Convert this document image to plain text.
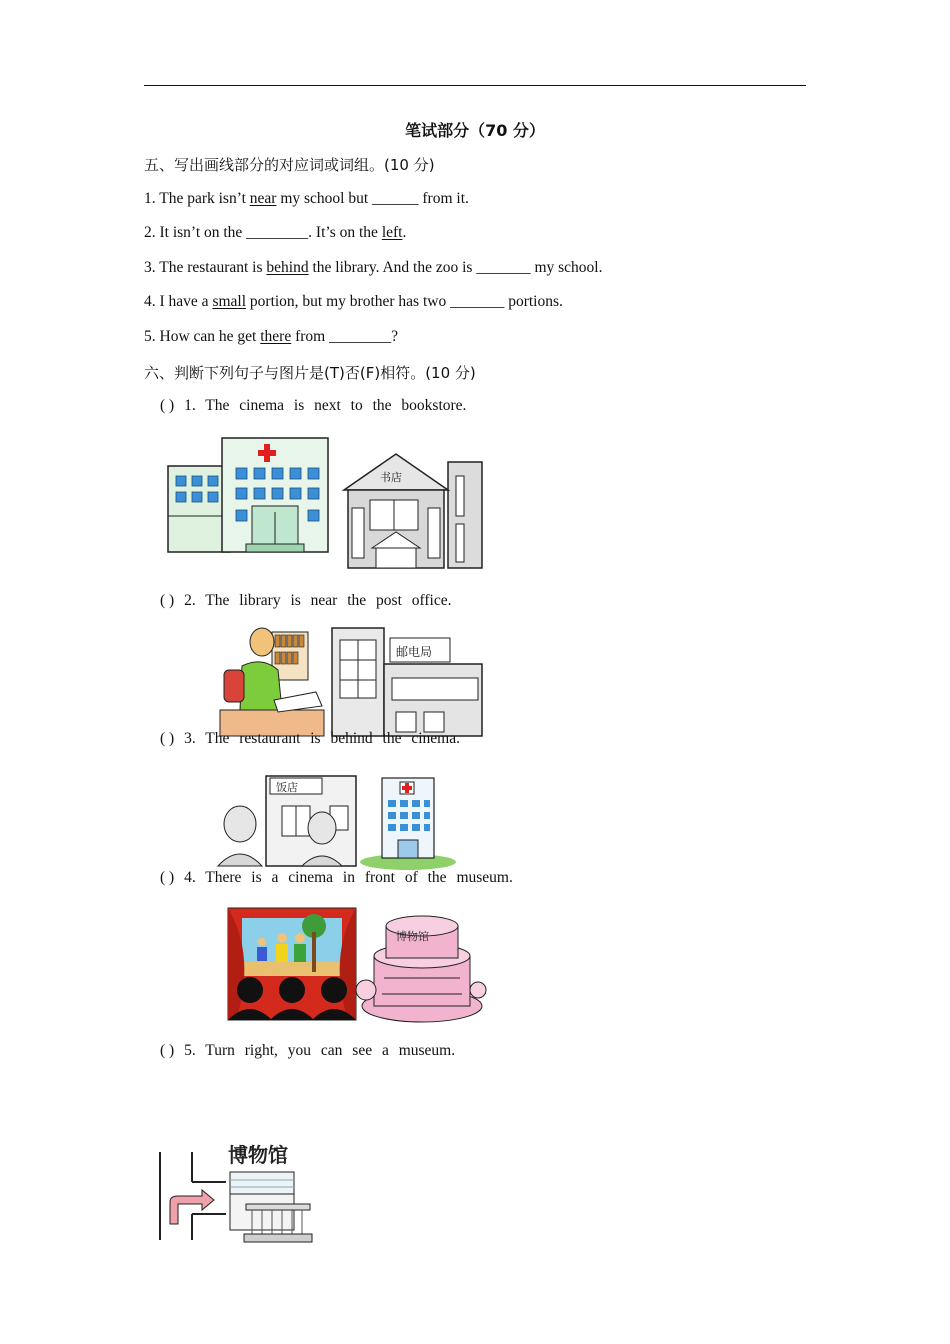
笔试部分（70 分）
五、写出画线部分的对应词或词组。(10 分)
1. The park isn’t near my school but ______ from it.
2. It isn’t on the ________. It’s on the left.
3. The restaurant is behind the library. And the zoo is _______ my school.
4. I have a small portion, but my brother has two _______ portions.
5. How can he get there from ________?
六、判断下列句子与图片是(T)否(F)相符。(10 分)
( ) 1. The cinema is next to the bookstore.
书店
( ) 2. The library is near the post office.
邮电局
( ) 3. The restaurant is behind the cinema.
饭店
( ) 4. There is a cinema in front of the museum.
博物馆
( ) 5. Turn right, you can see a museum.
博物馆
